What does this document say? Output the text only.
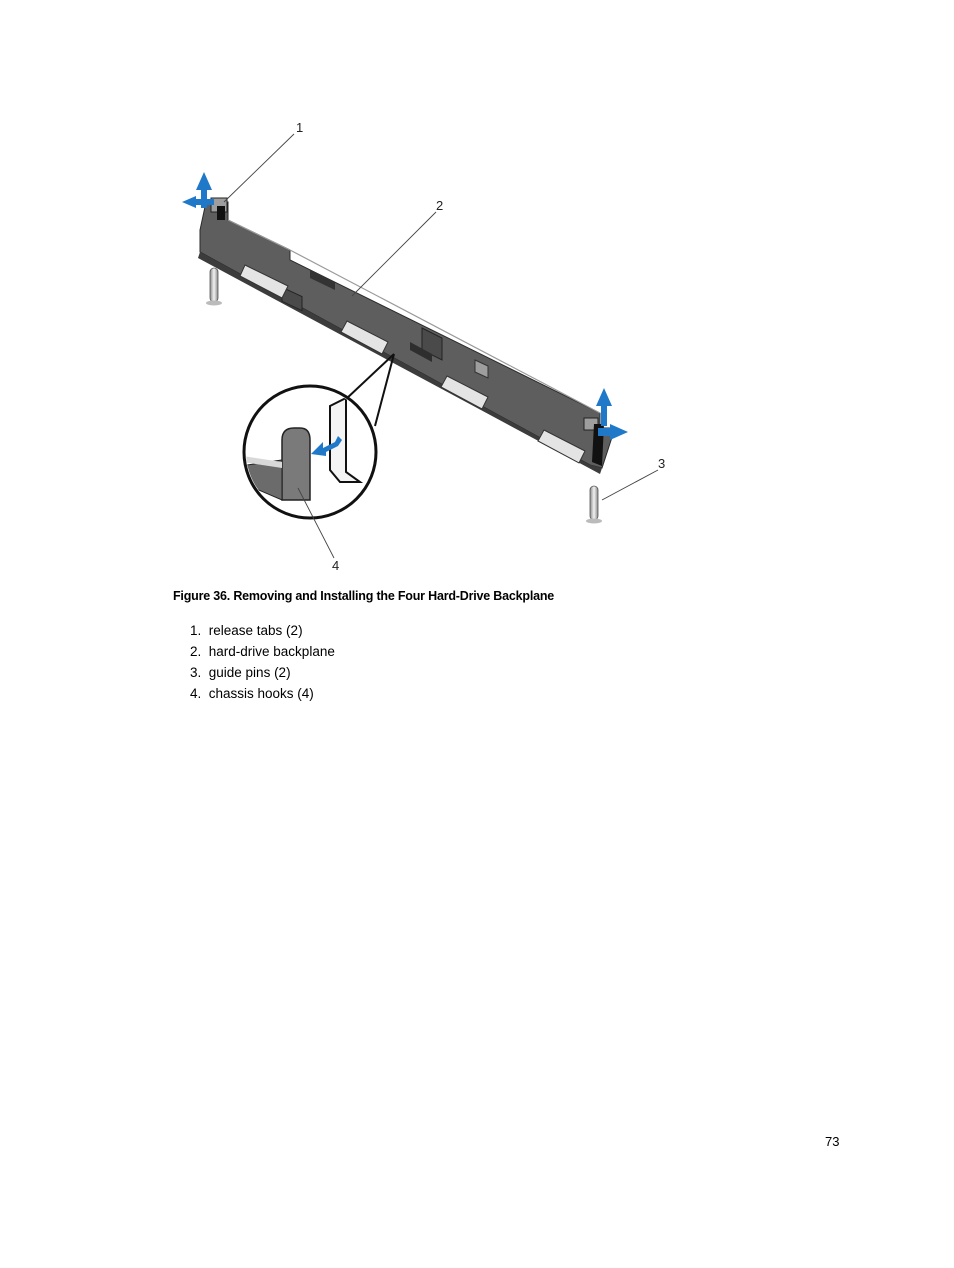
1
2
3
4
Figure 36. Removing and Installing the Four Hard-Drive Backplane
1. release tabs (2)
2. hard-drive backplane
3. guide pins (2)
4. chassis hooks (4)
73
